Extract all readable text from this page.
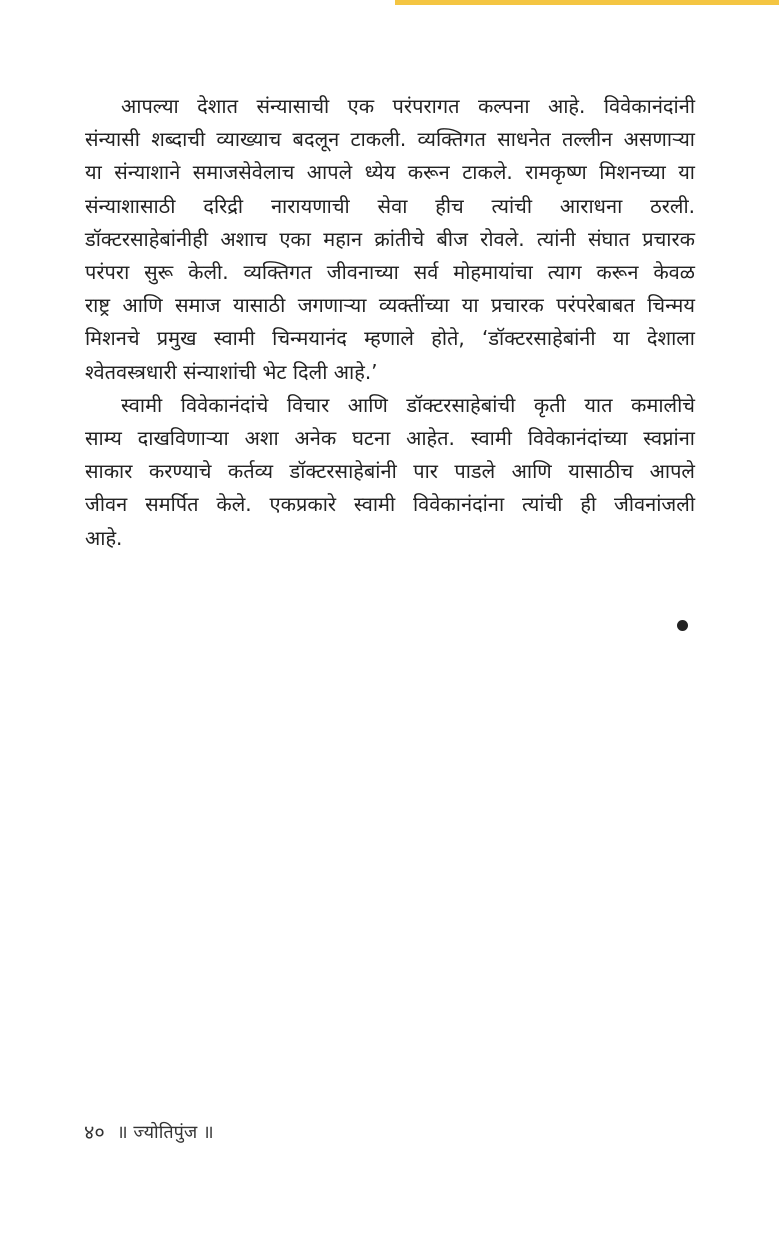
आपल्या देशात संन्यासाची एक परंपरागत कल्पना आहे. विवेकानंदांनी
संन्यासी शब्दाची व्याख्याच बदलून टाकली. व्यक्तिगत साधनेत तल्लीन असणाऱ्या
या संन्याशाने समाजसेवेलाच आपले ध्येय करून टाकले. रामकृष्ण मिशनच्या या
संन्याशासाठी दरिद्री नारायणाची सेवा हीच त्यांची आराधना ठरली.
डॉक्टरसाहेबांनीही अशाच एका महान क्रांतीचे बीज रोवले. त्यांनी संघात प्रचारक
परंपरा सुरू केली. व्यक्तिगत जीवनाच्या सर्व मोहमायांचा त्याग करून केवळ
राष्ट्र आणि समाज यासाठी जगणाऱ्या व्यक्तींच्या या प्रचारक परंपरेबाबत चिन्मय
मिशनचे प्रमुख स्वामी चिन्मयानंद म्हणाले होते, ‘डॉक्टरसाहेबांनी या देशाला
श्वेतवस्त्रधारी संन्याशांची भेट दिली आहे.’

स्वामी विवेकानंदांचे विचार आणि डॉक्टरसाहेबांची कृती यात कमालीचे
साम्य दाखविणाऱ्या अशा अनेक घटना आहेत. स्वामी विवेकानंदांच्या स्वप्नांना
साकार करण्याचे कर्तव्य डॉक्टरसाहेबांनी पार पाडले आणि यासाठीच आपले
जीवन समर्पित केले. एकप्रकारे स्वामी विवेकानंदांना त्यांची ही जीवनांजली
आहे.

४० ॥ ज्योतिपुंज ॥
